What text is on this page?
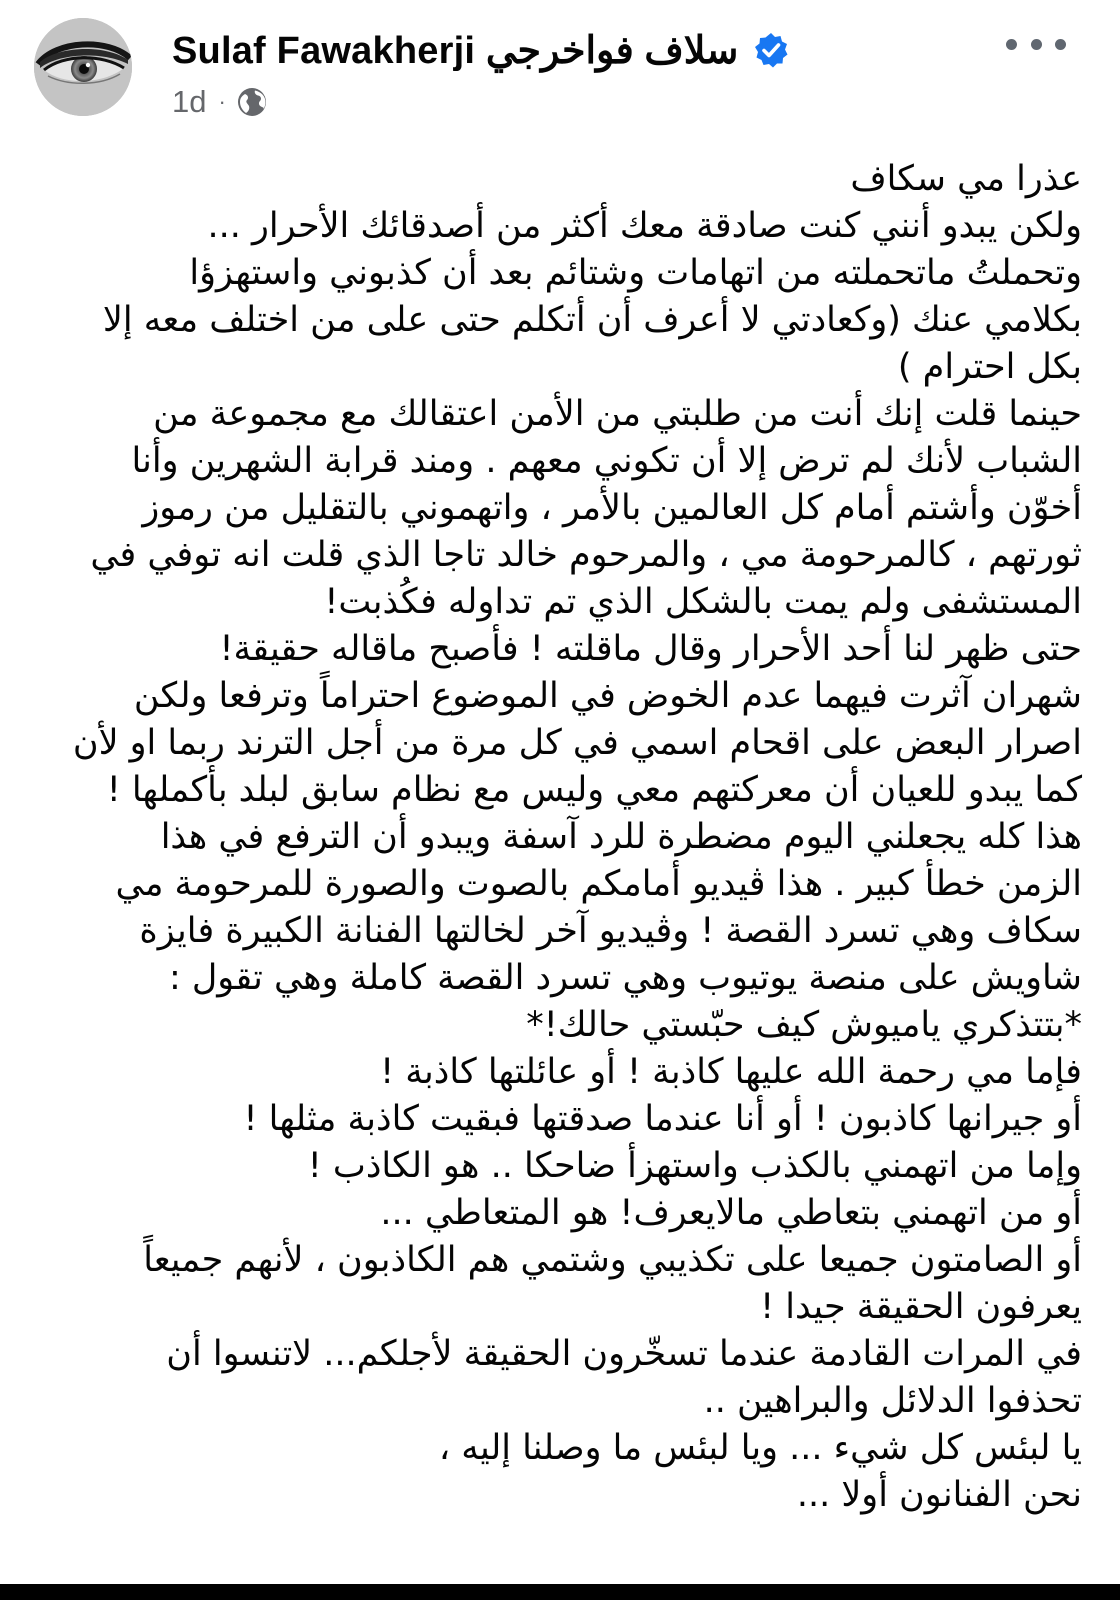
Sulaf Fawakherji سلاف فواخرجي
1d ·

عذرا مي سكاف

ولكن يبدو أنني كنت صادقة معك أكثر من أصدقائك الأحرار ...

وتحملتُ ماتحملته من اتهامات وشتائم بعد أن كذبوني واستهزؤا

بكلامي عنك (وكعادتي لا أعرف أن أتكلم حتى على من اختلف معه إلا

بكل احترام )

حينما قلت إنك أنت من طلبتي من الأمن اعتقالك مع مجموعة من

الشباب لأنك لم ترض إلا أن تكوني معهم . ومند قرابة الشهرين وأنا

أخوّن وأشتم أمام كل العالمين بالأمر ، واتهموني بالتقليل من رموز

ثورتهم ، كالمرحومة مي ، والمرحوم خالد تاجا الذي قلت انه توفي في

المستشفى ولم يمت بالشكل الذي تم تداوله فكُذبت!

حتى ظهر لنا أحد الأحرار وقال ماقلته ! فأصبح ماقاله حقيقة!

شهران آثرت فيهما عدم الخوض في الموضوع احتراماً وترفعا ولكن

اصرار البعض على اقحام اسمي في كل مرة من أجل الترند ربما او لأن

كما يبدو للعيان أن معركتهم معي وليس مع نظام سابق لبلد بأكملها !

هذا كله يجعلني اليوم مضطرة للرد آسفة ويبدو أن الترفع في هذا

الزمن خطأ كبير . هذا ڤيديو أمامكم بالصوت والصورة للمرحومة مي

سكاف وهي تسرد القصة ! وڤيديو آخر لخالتها الفنانة الكبيرة فايزة

شاويش على منصة يوتيوب وهي تسرد القصة كاملة وهي تقول :

*بتتذكري ياميوش كيف حبّستي حالك!*

فإما مي رحمة الله عليها كاذبة ! أو عائلتها كاذبة !

أو جيرانها كاذبون ! أو أنا عندما صدقتها فبقيت كاذبة مثلها !

وإما من اتهمني بالكذب واستهزأ ضاحكا .. هو الكاذب !

أو من اتهمني بتعاطي مالايعرف! هو المتعاطي ...

أو الصامتون جميعا على تكذيبي وشتمي هم الكاذبون ، لأنهم جميعاً

يعرفون الحقيقة جيدا !

في المرات القادمة عندما تسخّرون الحقيقة لأجلكم... لاتنسوا أن

تحذفوا الدلائل والبراهين ..

يا لبئس كل شيء ... ويا لبئس ما وصلنا إليه ،

نحن الفنانون أولا ...
